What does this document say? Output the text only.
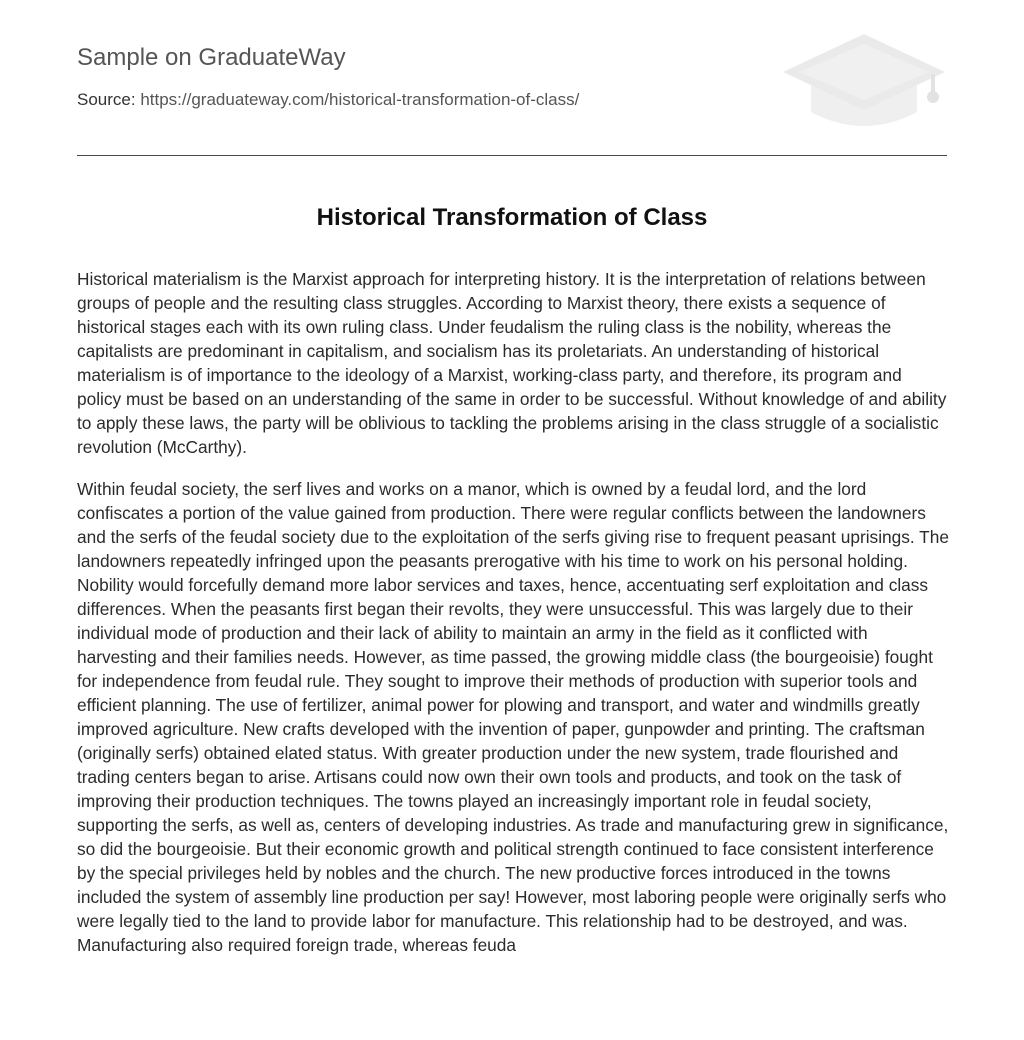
Sample on GraduateWay
Source: https://graduateway.com/historical-transformation-of-class/
Historical Transformation of Class

Historical materialism is the Marxist approach for interpreting history. It is the interpretation of relations between groups of people and the resulting class struggles. According to Marxist theory, there exists a sequence of historical stages each with its own ruling class. Under feudalism the ruling class is the nobility, whereas the capitalists are predominant in capitalism, and socialism has its proletariats. An understanding of historical materialism is of importance to the ideology of a Marxist, working-class party, and therefore, its program and policy must be based on an understanding of the same in order to be successful. Without knowledge of and ability to apply these laws, the party will be oblivious to tackling the problems arising in the class struggle of a socialistic revolution (McCarthy).

Within feudal society, the serf lives and works on a manor, which is owned by a feudal lord, and the lord confiscates a portion of the value gained from production. There were regular conflicts between the landowners and the serfs of the feudal society due to the exploitation of the serfs giving rise to frequent peasant uprisings. The landowners repeatedly infringed upon the peasants prerogative with his time to work on his personal holding. Nobility would forcefully demand more labor services and taxes, hence, accentuating serf exploitation and class differences. When the peasants first began their revolts, they were unsuccessful. This was largely due to their individual mode of production and their lack of ability to maintain an army in the field as it conflicted with harvesting and their families needs. However, as time passed, the growing middle class (the bourgeoisie) fought for independence from feudal rule. They sought to improve their methods of production with superior tools and efficient planning. The use of fertilizer, animal power for plowing and transport, and water and windmills greatly improved agriculture. New crafts developed with the invention of paper, gunpowder and printing. The craftsman (originally serfs) obtained elated status. With greater production under the new system, trade flourished and trading centers began to arise. Artisans could now own their own tools and products, and took on the task of improving their production techniques. The towns played an increasingly important role in feudal society, supporting the serfs, as well as, centers of developing industries. As trade and manufacturing grew in significance, so did the bourgeoisie. But their economic growth and political strength continued to face consistent interference by the special privileges held by nobles and the church. The new productive forces introduced in the towns included the system of assembly line production per say! However, most laboring people were originally serfs who were legally tied to the land to provide labor for manufacture. This relationship had to be destroyed, and was. Manufacturing also required foreign trade, whereas feuda
